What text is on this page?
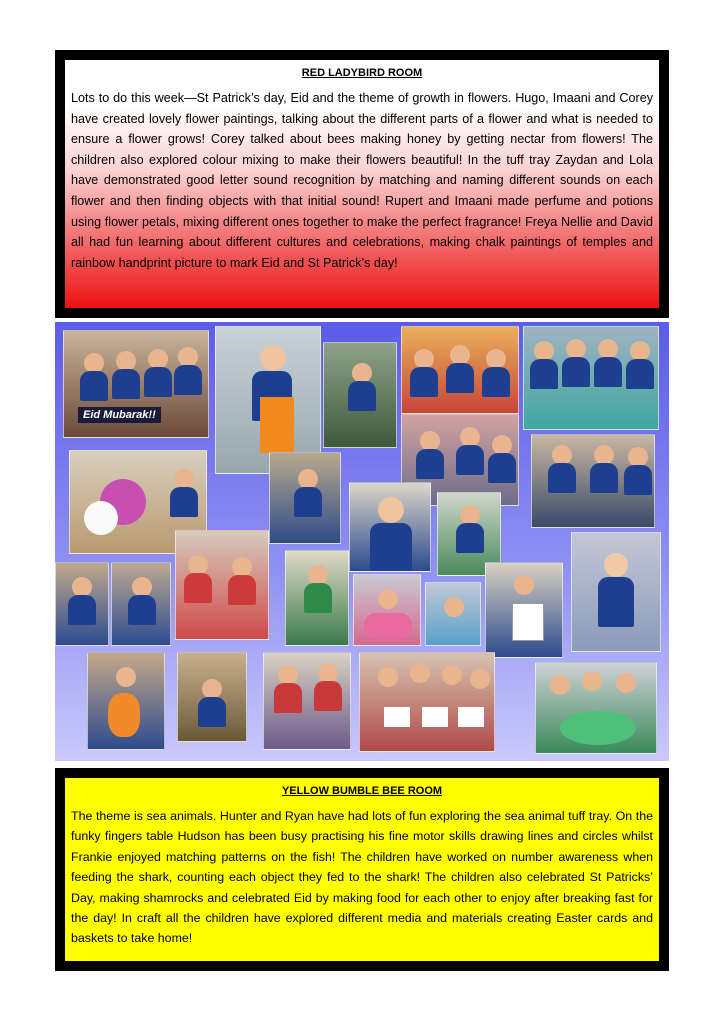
RED LADYBIRD ROOM

Lots to do this week—St Patrick’s day, Eid and the theme of growth in flowers. Hugo, Imaani and Corey have created lovely flower paintings, talking about the different parts of a flower and what is needed to ensure a flower grows! Corey talked about bees making honey by getting nectar from flowers! The children also explored colour mixing to make their flowers beautiful! In the tuff tray Zaydan and Lola have demonstrated good letter sound recognition by matching and naming different sounds on each flower and then finding objects with that initial sound! Rupert and Imaani made perfume and potions using flower petals, mixing different ones together to make the perfect fragrance! Freya Nellie and David all had fun learning about different cultures and celebrations, making chalk paintings of temples and rainbow handprint picture to mark Eid and St Patrick’s day!

Eid Mubarak!!
YELLOW BUMBLE BEE ROOM

The theme is sea animals. Hunter and Ryan have had lots of fun exploring the sea animal tuff tray. On the funky fingers table Hudson has been busy practising his fine motor skills drawing lines and circles whilst Frankie enjoyed matching patterns on the fish! The children have worked on number awareness when feeding the shark, counting each object they fed to the shark! The children also celebrated St Patricks’ Day, making shamrocks and celebrated Eid by making food for each other to enjoy after breaking fast for the day! In craft all the children have explored different media and materials creating Easter cards and baskets to take home!
